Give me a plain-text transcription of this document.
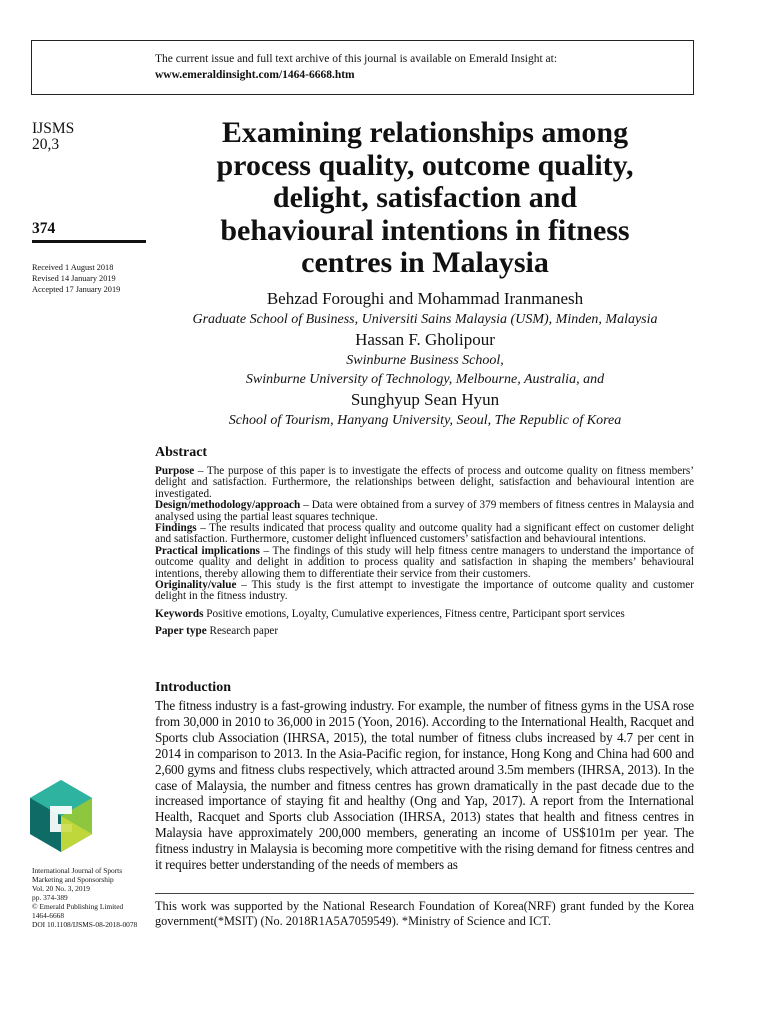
The current issue and full text archive of this journal is available on Emerald Insight at:
www.emeraldinsight.com/1464-6668.htm
IJSMS
20,3
374
Received 1 August 2018
Revised 14 January 2019
Accepted 17 January 2019
Examining relationships among
process quality, outcome quality,
delight, satisfaction and
behavioural intentions in fitness
centres in Malaysia
Behzad Foroughi and Mohammad Iranmanesh
Graduate School of Business, Universiti Sains Malaysia (USM), Minden, Malaysia
Hassan F. Gholipour
Swinburne Business School,
Swinburne University of Technology, Melbourne, Australia, and
Sunghyup Sean Hyun
School of Tourism, Hanyang University, Seoul, The Republic of Korea
Abstract
Purpose – The purpose of this paper is to investigate the effects of process and outcome quality on fitness members’ delight and satisfaction. Furthermore, the relationships between delight, satisfaction and behavioural intention are investigated.
Design/methodology/approach – Data were obtained from a survey of 379 members of fitness centres in Malaysia and analysed using the partial least squares technique.
Findings – The results indicated that process quality and outcome quality had a significant effect on customer delight and satisfaction. Furthermore, customer delight influenced customers’ satisfaction and behavioural intentions.
Practical implications – The findings of this study will help fitness centre managers to understand the importance of outcome quality and delight in addition to process quality and satisfaction in shaping the members’ behavioural intentions, thereby allowing them to differentiate their service from their customers.
Originality/value – This study is the first attempt to investigate the importance of outcome quality and customer delight in the fitness industry.
Keywords Positive emotions, Loyalty, Cumulative experiences, Fitness centre, Participant sport services
Paper type Research paper
Introduction
The fitness industry is a fast-growing industry. For example, the number of fitness gyms in the USA rose from 30,000 in 2010 to 36,000 in 2015 (Yoon, 2016). According to the International Health, Racquet and Sports club Association (IHRSA, 2015), the total number of fitness clubs increased by 4.7 per cent in 2014 in comparison to 2013. In the Asia-Pacific region, for instance, Hong Kong and China had 600 and 2,600 gyms and fitness clubs respectively, which attracted around 3.5m members (IHRSA, 2013). In the case of Malaysia, the number and fitness centres has grown dramatically in the past decade due to the increased importance of staying fit and healthy (Ong and Yap, 2017). A report from the International Health, Racquet and Sports club Association (IHRSA, 2013) states that health and fitness centres in Malaysia have approximately 200,000 members, generating an income of US$101m per year. The fitness industry in Malaysia is becoming more competitive with the rising demand for fitness centres and it requires better understanding of the needs of members as
This work was supported by the National Research Foundation of Korea(NRF) grant funded by the Korea government(*MSIT) (No. 2018R1A5A7059549). *Ministry of Science and ICT.
International Journal of Sports
Marketing and Sponsorship
Vol. 20 No. 3, 2019
pp. 374-389
© Emerald Publishing Limited
1464-6668
DOI 10.1108/IJSMS-08-2018-0078
